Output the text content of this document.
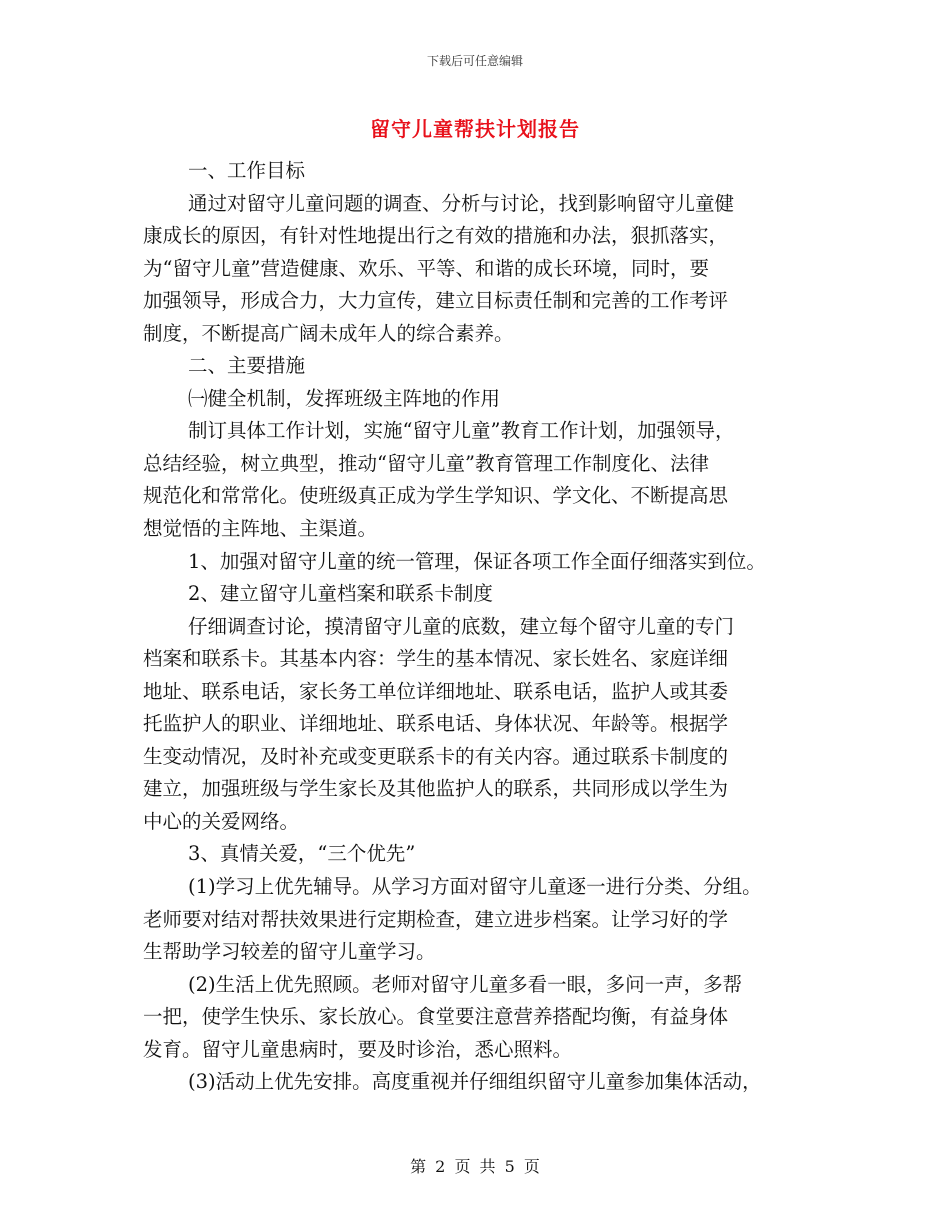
下载后可任意编辑
留守儿童帮扶计划报告
一、工作目标
通过对留守儿童问题的调查、分析与讨论，找到影响留守儿童健
康成长的原因，有针对性地提出行之有效的措施和办法，狠抓落实，
为“留守儿童”营造健康、欢乐、平等、和谐的成长环境，同时，要
加强领导，形成合力，大力宣传，建立目标责任制和完善的工作考评
制度，不断提高广阔未成年人的综合素养。
二、主要措施
㈠健全机制，发挥班级主阵地的作用
制订具体工作计划，实施“留守儿童”教育工作计划，加强领导，
总结经验，树立典型，推动“留守儿童”教育管理工作制度化、法律
规范化和常常化。使班级真正成为学生学知识、学文化、不断提高思
想觉悟的主阵地、主渠道。
1、加强对留守儿童的统一管理，保证各项工作全面仔细落实到位。
2、建立留守儿童档案和联系卡制度
仔细调查讨论，摸清留守儿童的底数，建立每个留守儿童的专门
档案和联系卡。其基本内容：学生的基本情况、家长姓名、家庭详细
地址、联系电话，家长务工单位详细地址、联系电话，监护人或其委
托监护人的职业、详细地址、联系电话、身体状况、年龄等。根据学
生变动情况，及时补充或变更联系卡的有关内容。通过联系卡制度的
建立，加强班级与学生家长及其他监护人的联系，共同形成以学生为
中心的关爱网络。
3、真情关爱，“三个优先”
(1)学习上优先辅导。从学习方面对留守儿童逐一进行分类、分组。
老师要对结对帮扶效果进行定期检查，建立进步档案。让学习好的学
生帮助学习较差的留守儿童学习。
(2)生活上优先照顾。老师对留守儿童多看一眼，多问一声，多帮
一把，使学生快乐、家长放心。食堂要注意营养搭配均衡，有益身体
发育。留守儿童患病时，要及时诊治，悉心照料。
(3)活动上优先安排。高度重视并仔细组织留守儿童参加集体活动，
第 2 页 共 5 页
